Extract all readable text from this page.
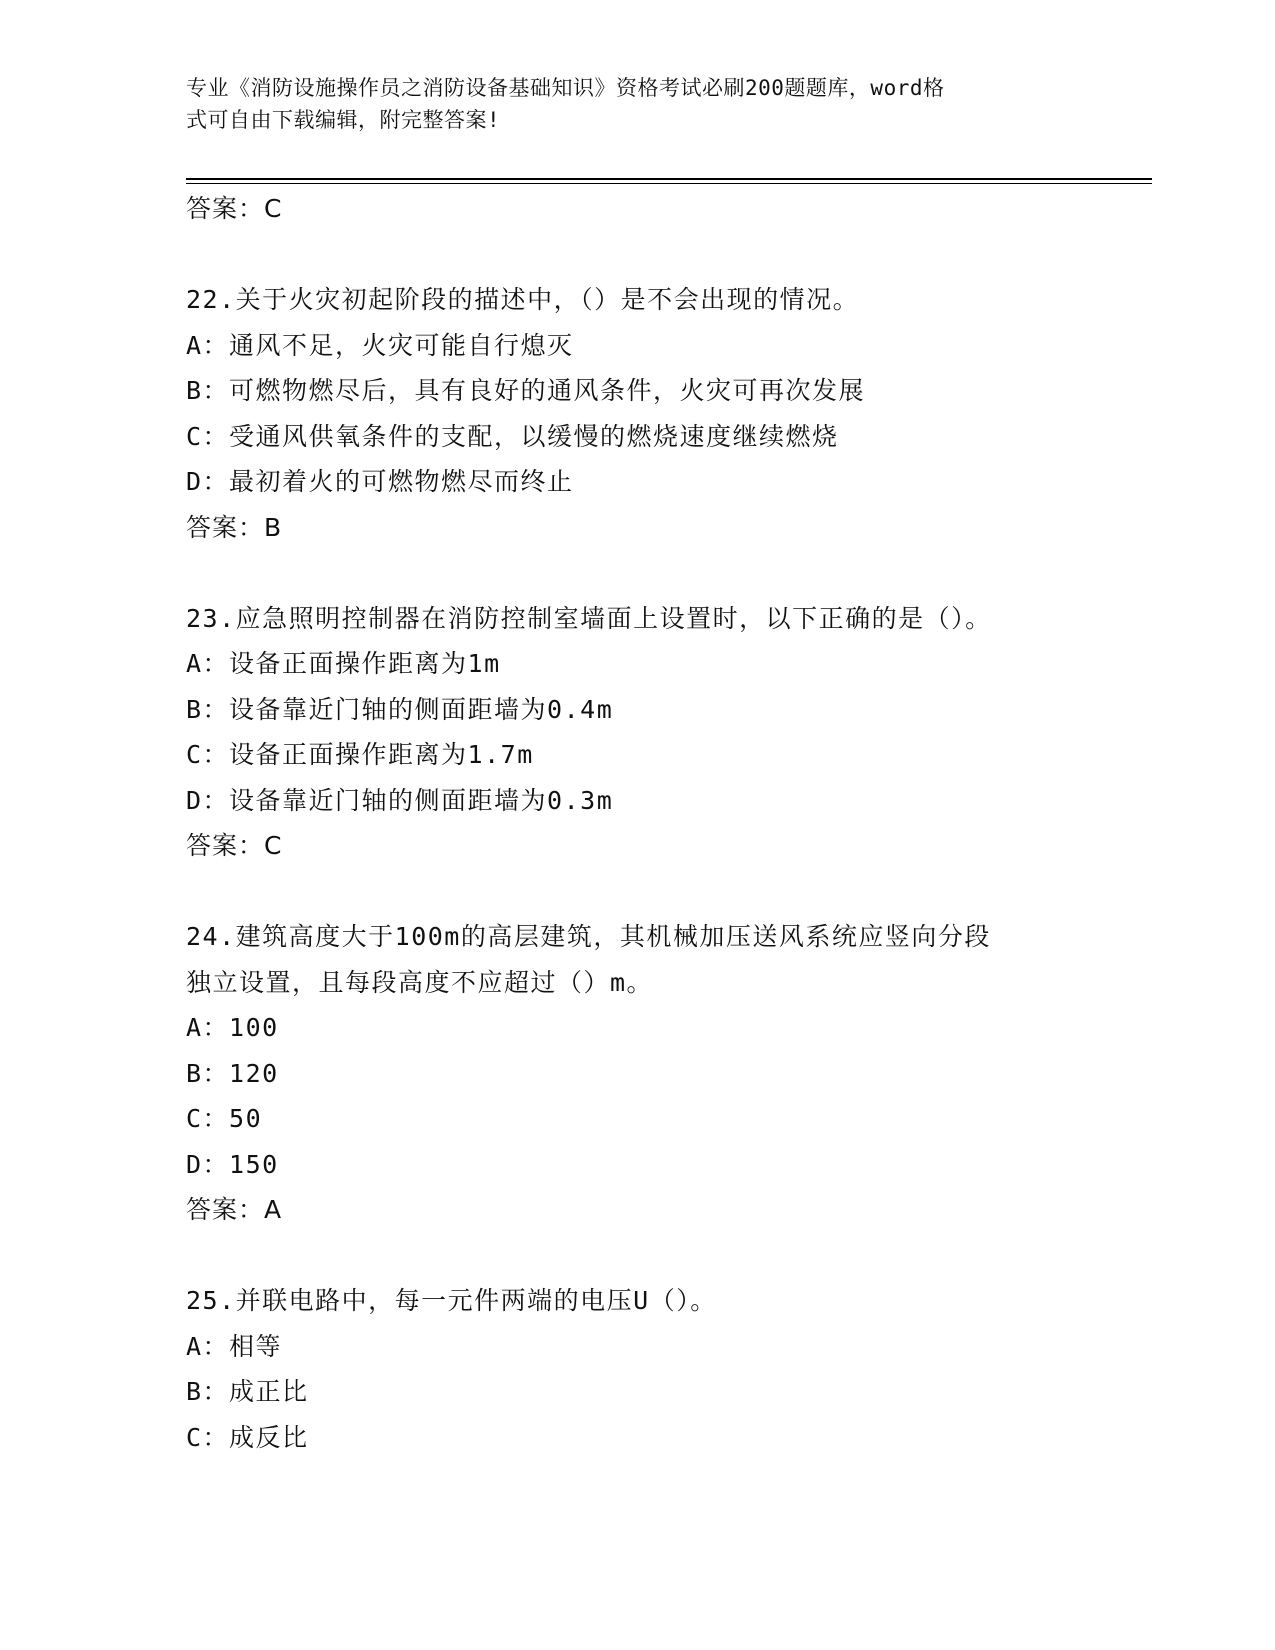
专业《消防设施操作员之消防设备基础知识》资格考试必刷200题题库，word格
式可自由下载编辑，附完整答案!
答案：C
22.关于火灾初起阶段的描述中，（）是不会出现的情况。
A：通风不足，火灾可能自行熄灭
B：可燃物燃尽后，具有良好的通风条件，火灾可再次发展
C：受通风供氧条件的支配，以缓慢的燃烧速度继续燃烧
D：最初着火的可燃物燃尽而终止
答案：B
23.应急照明控制器在消防控制室墙面上设置时，以下正确的是（）。
A：设备正面操作距离为1m
B：设备靠近门轴的侧面距墙为0.4m
C：设备正面操作距离为1.7m
D：设备靠近门轴的侧面距墙为0.3m
答案：C
24.建筑高度大于100m的高层建筑，其机械加压送风系统应竖向分段
独立设置，且每段高度不应超过（）m。
A：100
B：120
C：50
D：150
答案：A
25.并联电路中，每一元件两端的电压U（）。
A：相等
B：成正比
C：成反比
